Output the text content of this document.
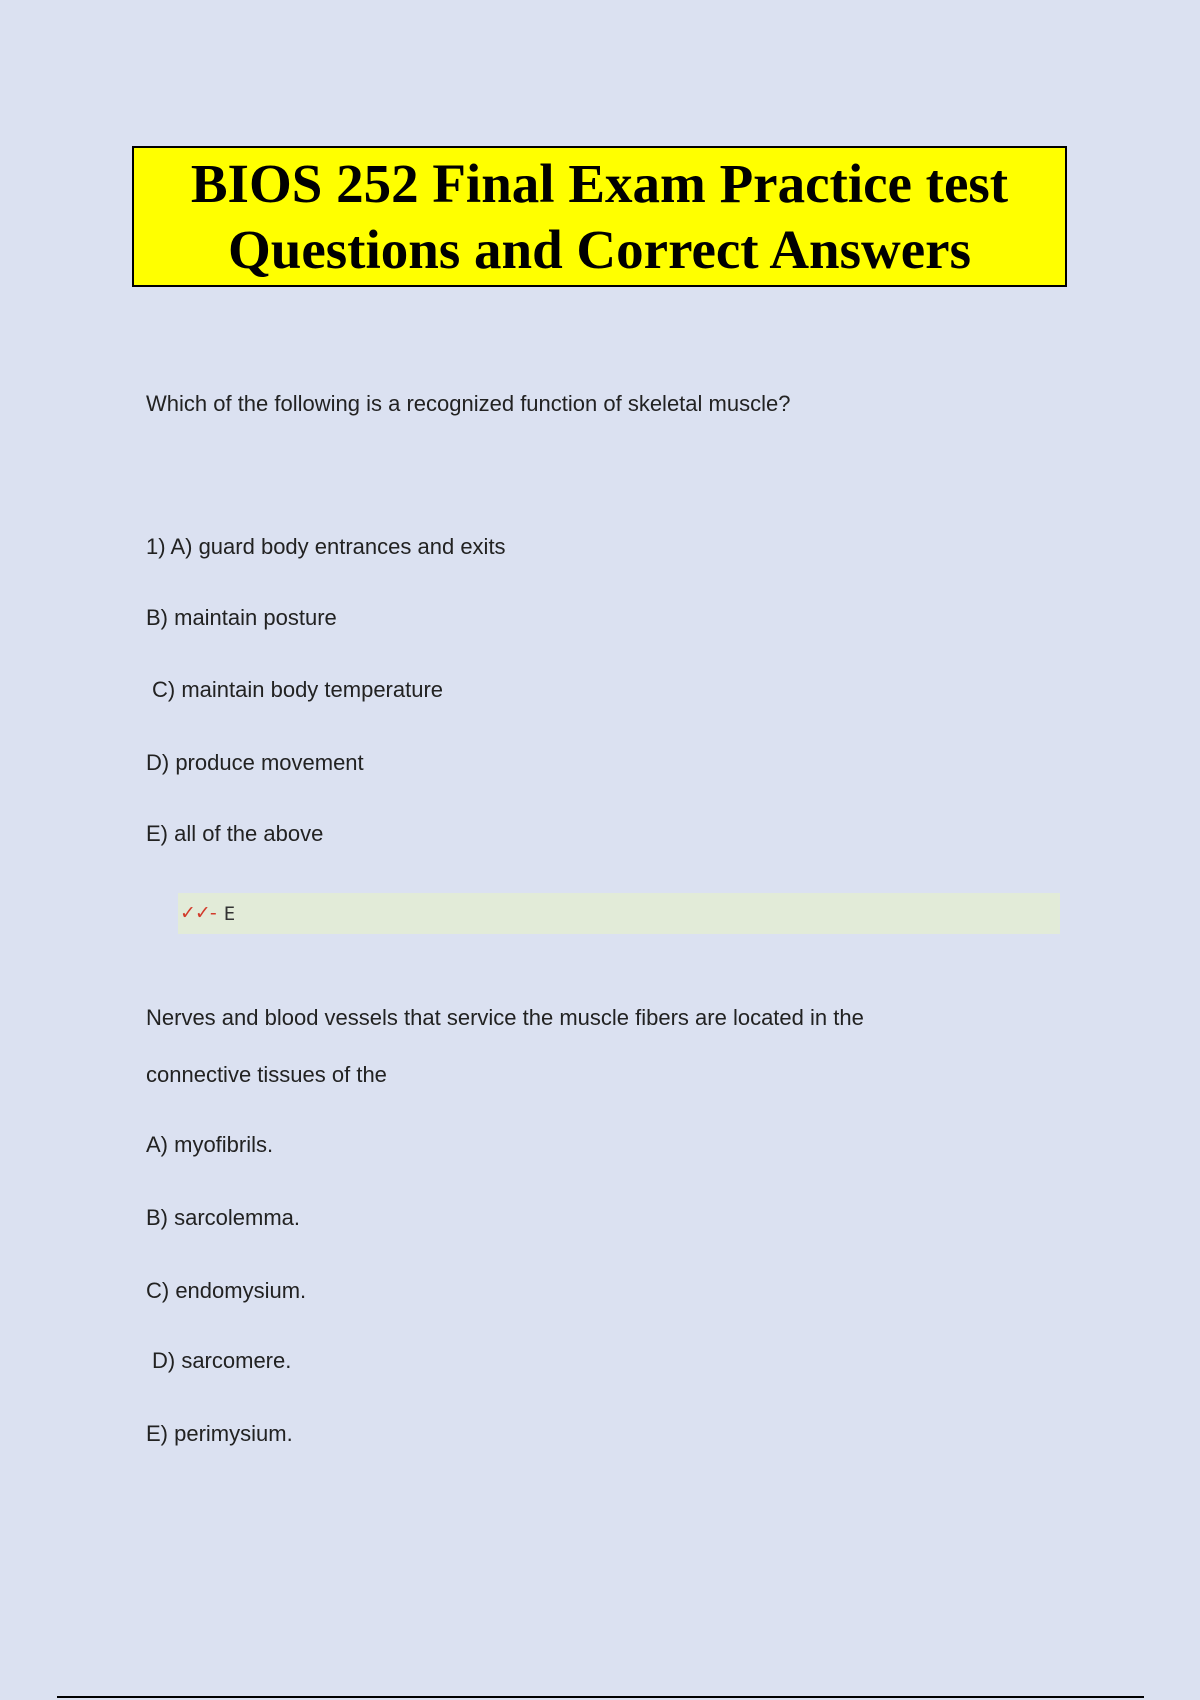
BIOS 252 Final Exam Practice test
Questions and Correct Answers
Which of the following is a recognized function of skeletal muscle?
1) A) guard body entrances and exits
B) maintain posture
C) maintain body temperature
D) produce movement
E) all of the above
✓✓- E
Nerves and blood vessels that service the muscle fibers are located in the
connective tissues of the
A) myofibrils.
B) sarcolemma.
C) endomysium.
D) sarcomere.
E) perimysium.
